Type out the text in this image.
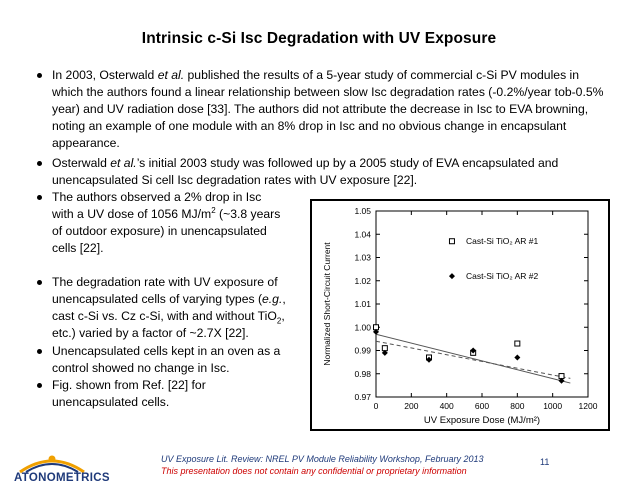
Intrinsic c-Si Isc Degradation with UV Exposure
In 2003, Osterwald et al. published the results of a 5-year study of commercial c-Si PV modules in which the authors found a linear relationship between slow Isc degradation rates (-0.2%/year tob-0.5% year) and UV radiation dose [33]. The authors did not attribute the decrease in Isc to EVA browning, noting an example of one module with an 8% drop in Isc and no obvious change in encapsulant appearance.
Osterwald et al.’s initial 2003 study was followed up by a 2005 study of EVA encapsulated and unencapsulated Si cell Isc degradation rates with UV exposure [22].
The authors observed a 2% drop in Isc with a UV dose of 1056 $MJ/m^2$ (~3.8 years of outdoor exposure) in unencapsulated cells [22].
The degradation rate with UV exposure of unencapsulated cells of varying types (e.g., cast c-Si vs. Cz c-Si, with and without TiO$_2$, etc.) varied by a factor of ~2.7X [22].
Unencapsulated cells kept in an oven as a control showed no change in Isc.
Fig. shown from Ref. [22] for unencapsulated cells.	0	200 400 600 800 1000 1200
0.97
0.98
0.99
1.00
1.01
1.02
1.03
1.04
1.05
UV Exposure Dose (MJ/m²)
Normalized Short-Circuit Current
Cast-Si TiO₂ AR #1
Cast-Si TiO₂ AR #2
ATONOMETRICS
UV Exposure Lit. Review: NREL PV Module Reliability Workshop, February 2013
This presentation does not contain any confidential or proprietary information
11
